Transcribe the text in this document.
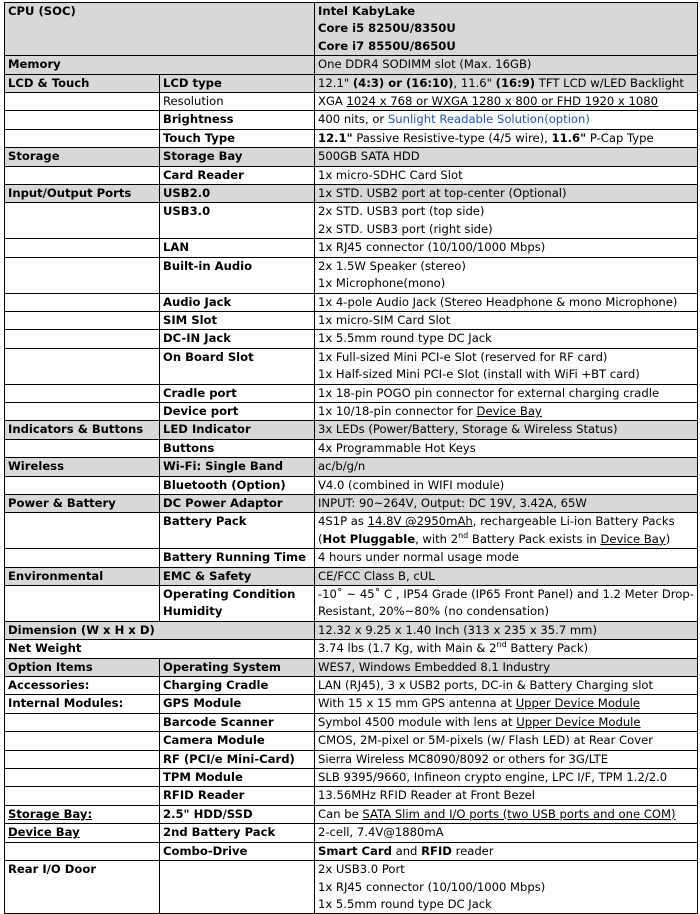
CPU (SOC)		Intel KabyLake
Core i5 8250U/8350U
Core i7 8550U/8650U

Memory		One DDR4 SODIMM slot (Max. 16GB)

LCD & Touch	LCD type	12.1" (4:3) or (16:10), 11.6" (16:9) TFT LCD w/LED Backlight

	Resolution	XGA 1024 x 768 or WXGA 1280 x 800 or FHD 1920 x 1080

	Brightness	400 nits, or Sunlight Readable Solution(option)

	Touch Type	12.1" Passive Resistive-type (4/5 wire), 11.6" P-Cap Type

Storage	Storage Bay	500GB SATA HDD

	Card Reader	1x micro-SDHC Card Slot

Input/Output Ports	USB2.0	1x STD. USB2 port at top-center (Optional)

	USB3.0	2x STD. USB3 port (top side)
2x STD. USB3 port (right side)

	LAN	1x RJ45 connector (10/100/1000 Mbps)

	Built-in Audio	2x 1.5W Speaker (stereo)
1x Microphone(mono)

	Audio Jack	1x 4-pole Audio Jack (Stereo Headphone & mono Microphone)

	SIM Slot	1x micro-SIM Card Slot

	DC-IN Jack	1x 5.5mm round type DC Jack

	On Board Slot	1x Full-sized Mini PCI-e Slot (reserved for RF card)
1x Half-sized Mini PCI-e Slot (install with WiFi +BT card)

	Cradle port	1x 18-pin POGO pin connector for external charging cradle

	Device port	1x 10/18-pin connector for Device Bay

Indicators & Buttons	LED Indicator	3x LEDs (Power/Battery, Storage & Wireless Status)

	Buttons	4x Programmable Hot Keys

Wireless	Wi-Fi: Single Band	ac/b/g/n

	Bluetooth (Option)	V4.0 (combined in WIFI module)

Power & Battery	DC Power Adaptor	INPUT: 90~264V, Output: DC 19V, 3.42A, 65W

	Battery Pack	4S1P as 14.8V @2950mAh, rechargeable Li-ion Battery Packs
(Hot Pluggable, with 2nd Battery Pack exists in Device Bay)

	Battery Running Time	4 hours under normal usage mode

Environmental	EMC & Safety	CE/FCC Class B, cUL

	Operating Condition
Humidity	-10˚ ~ 45˚ C , IP54 Grade (IP65 Front Panel) and 1.2 Meter Drop-
Resistant, 20%~80% (no condensation)

Dimension (W x H x D)		12.32 x 9.25 x 1.40 Inch (313 x 235 x 35.7 mm)

Net Weight		3.74 lbs (1.7 Kg, with Main & 2nd Battery Pack)

Option Items	Operating System	WES7, Windows Embedded 8.1 Industry

Accessories:	Charging Cradle	LAN (RJ45), 3 x USB2 ports, DC-in & Battery Charging slot

Internal Modules:	GPS Module	With 15 x 15 mm GPS antenna at Upper Device Module

	Barcode Scanner	Symbol 4500 module with lens at Upper Device Module

	Camera Module	CMOS, 2M-pixel or 5M-pixels (w/ Flash LED) at Rear Cover

	RF (PCI/e Mini-Card)	Sierra Wireless MC8090/8092 or others for 3G/LTE

	TPM Module	SLB 9395/9660, Infineon crypto engine, LPC I/F, TPM 1.2/2.0

	RFID Reader	13.56MHz RFID Reader at Front Bezel

Storage Bay:	2.5" HDD/SSD	Can be SATA Slim and I/O ports (two USB ports and one COM)

Device Bay	2nd Battery Pack	2-cell, 7.4V@1880mA

	Combo-Drive	Smart Card and RFID reader

Rear I/O Door		2x USB3.0 Port
1x RJ45 connector (10/100/1000 Mbps)
1x 5.5mm round type DC Jack
